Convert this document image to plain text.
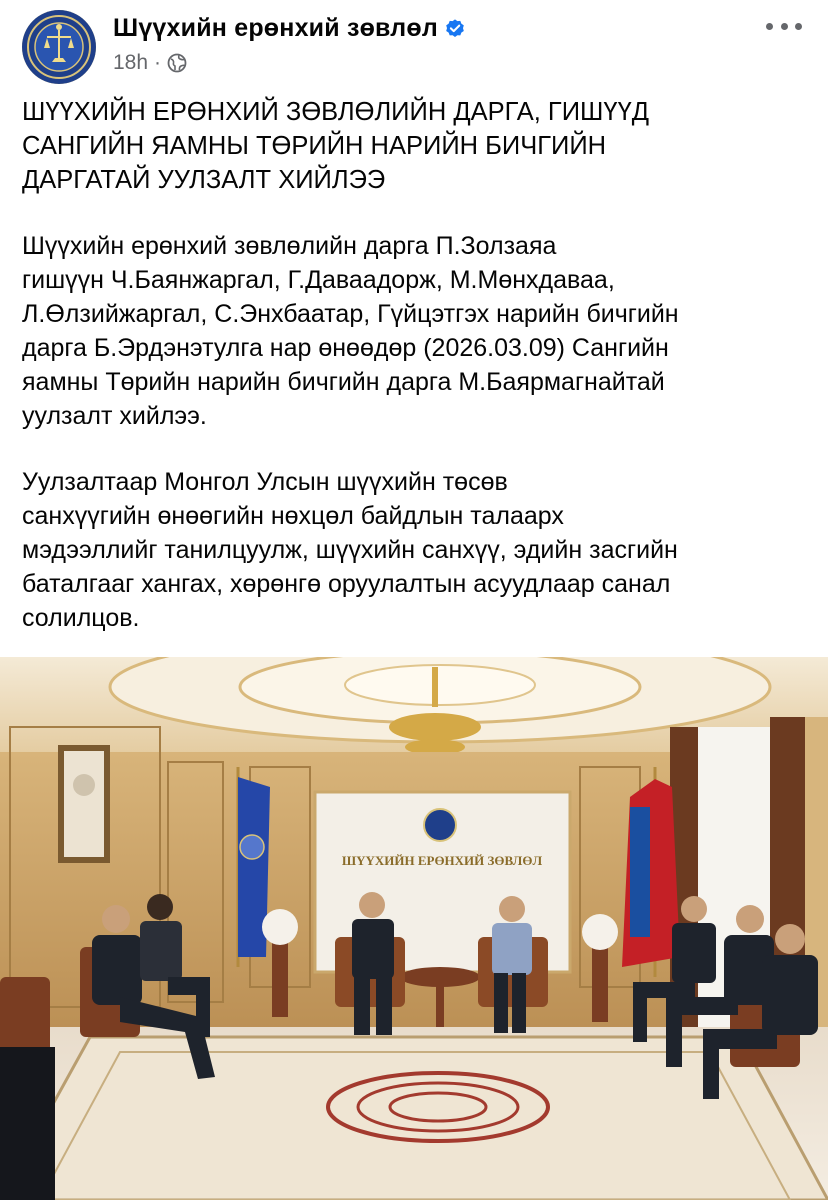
Шүүхийн ерөнхий зөвлөл
18h ·

ШҮҮХИЙН ЕРӨНХИЙ ЗӨВЛӨЛИЙН ДАРГА, ГИШҮҮД
САНГИЙН ЯАМНЫ ТӨРИЙН НАРИЙН БИЧГИЙН
ДАРГАТАЙ УУЛЗАЛТ ХИЙЛЭЭ

Шүүхийн ерөнхий зөвлөлийн дарга П.Золзаяа
гишүүн Ч.Баянжаргал, Г.Даваадорж, М.Мөнхдаваа,
Л.Өлзийжаргал, С.Энхбаатар, Гүйцэтгэх нарийн бичгийн
дарга Б.Эрдэнэтулга нар өнөөдөр (2026.03.09) Сангийн
яамны Төрийн нарийн бичгийн дарга М.Баярмагнайтай
уулзалт хийлээ.

Уулзалтаар Монгол Улсын шүүхийн төсөв
санхүүгийн өнөөгийн нөхцөл байдлын талаарх
мэдээллийг танилцуулж, шүүхийн санхүү, эдийн засгийн
баталгааг хангах, хөрөнгө оруулалтын асуудлаар санал
солилцов.

ШҮҮХИЙН ЕРӨНХИЙ ЗӨВЛӨЛ
